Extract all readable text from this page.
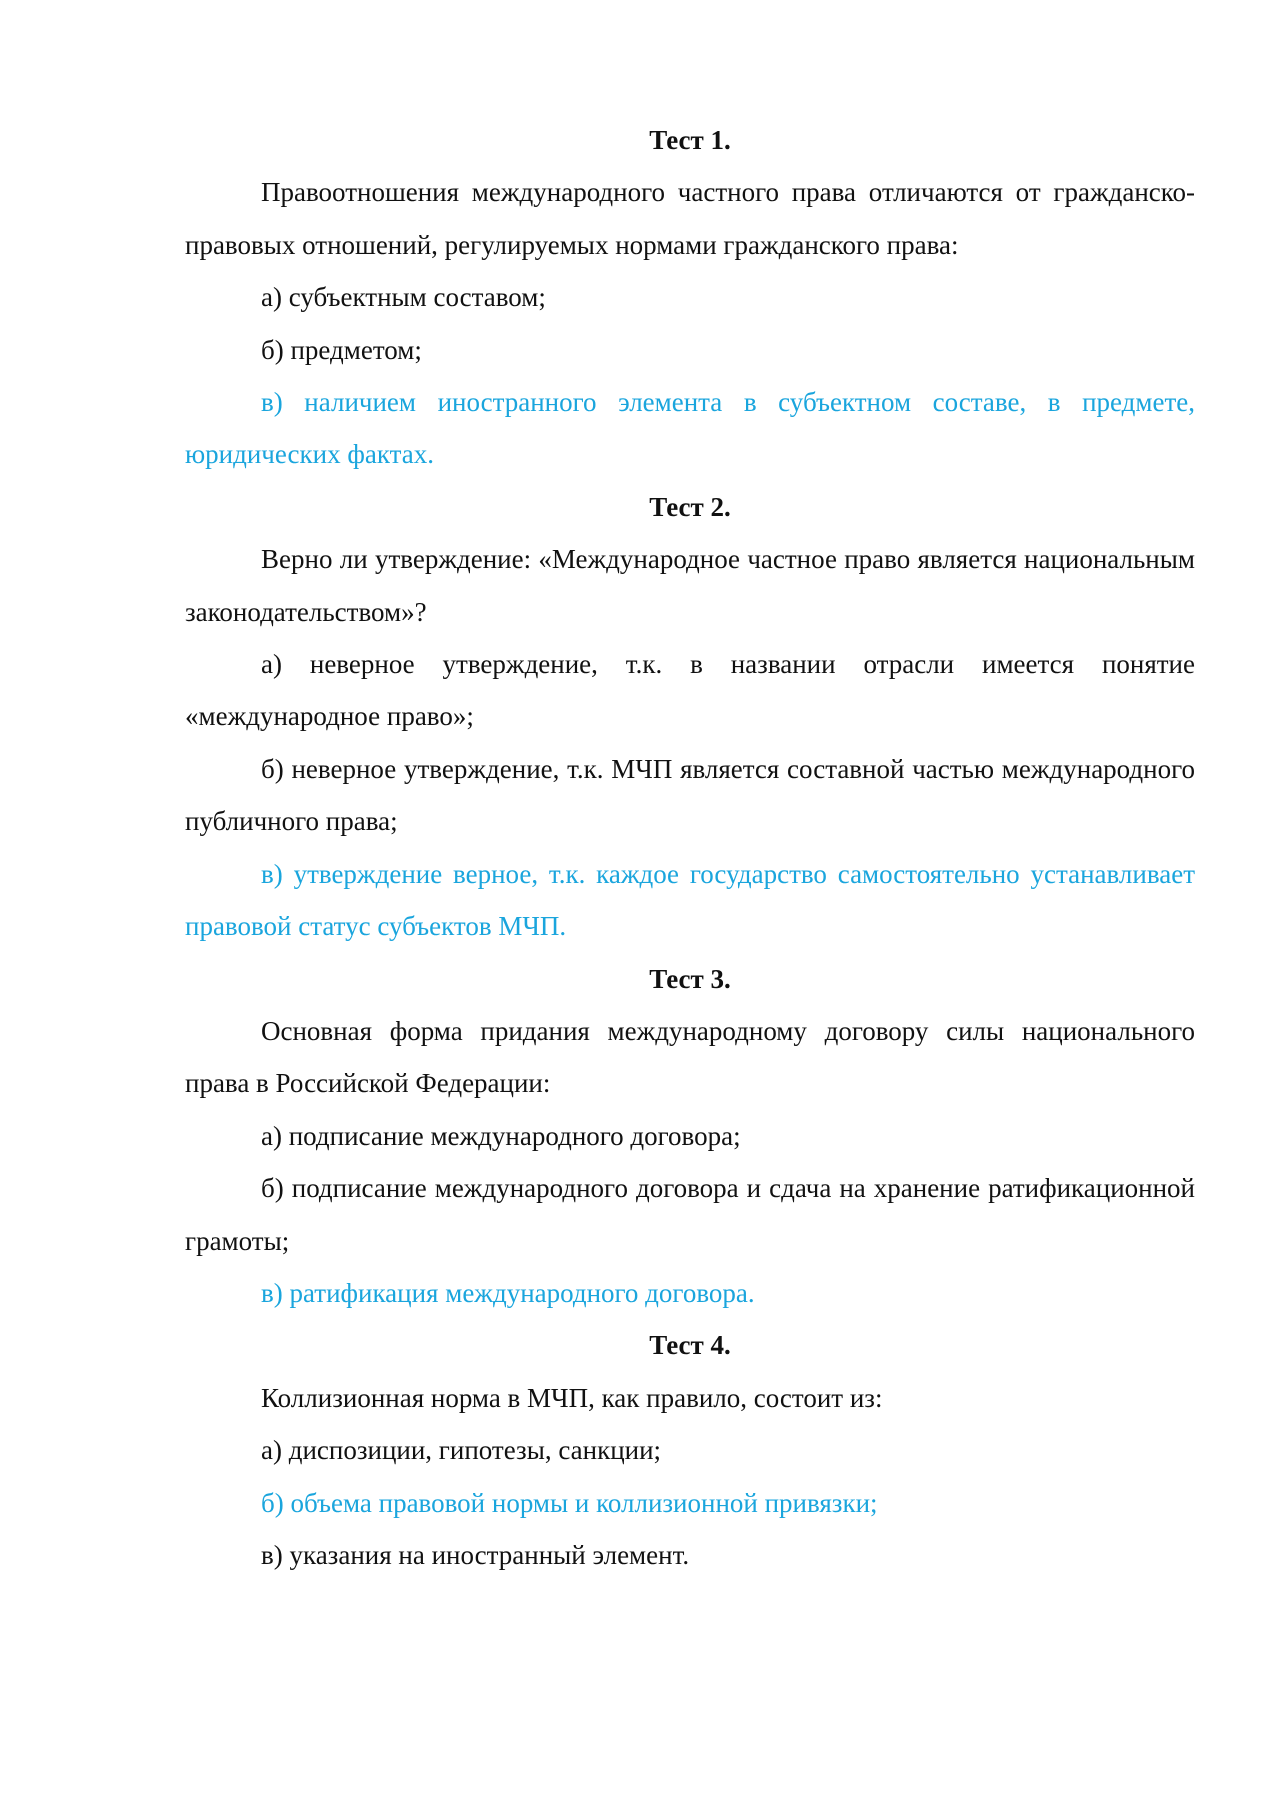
Тест 1.

Правоотношения международного частного права отличаются от гражданско-правовых отношений, регулируемых нормами гражданского права:

а) субъектным составом;

б) предметом;

в) наличием иностранного элемента в субъектном составе, в предмете, юридических фактах.

Тест 2.

Верно ли утверждение: «Международное частное право является национальным законодательством»?

а) неверное утверждение, т.к. в названии отрасли имеется понятие «международное право»;

б) неверное утверждение, т.к. МЧП является составной частью международного публичного права;

в) утверждение верное, т.к. каждое государство самостоятельно устанавливает правовой статус субъектов МЧП.

Тест 3.

Основная форма придания международному договору силы национального права в Российской Федерации:

а) подписание международного договора;

б) подписание международного договора и сдача на хранение ратификационной грамоты;

в) ратификация международного договора.

Тест 4.

Коллизионная норма в МЧП, как правило, состоит из:

а) диспозиции, гипотезы, санкции;

б) объема правовой нормы и коллизионной привязки;

в) указания на иностранный элемент.
